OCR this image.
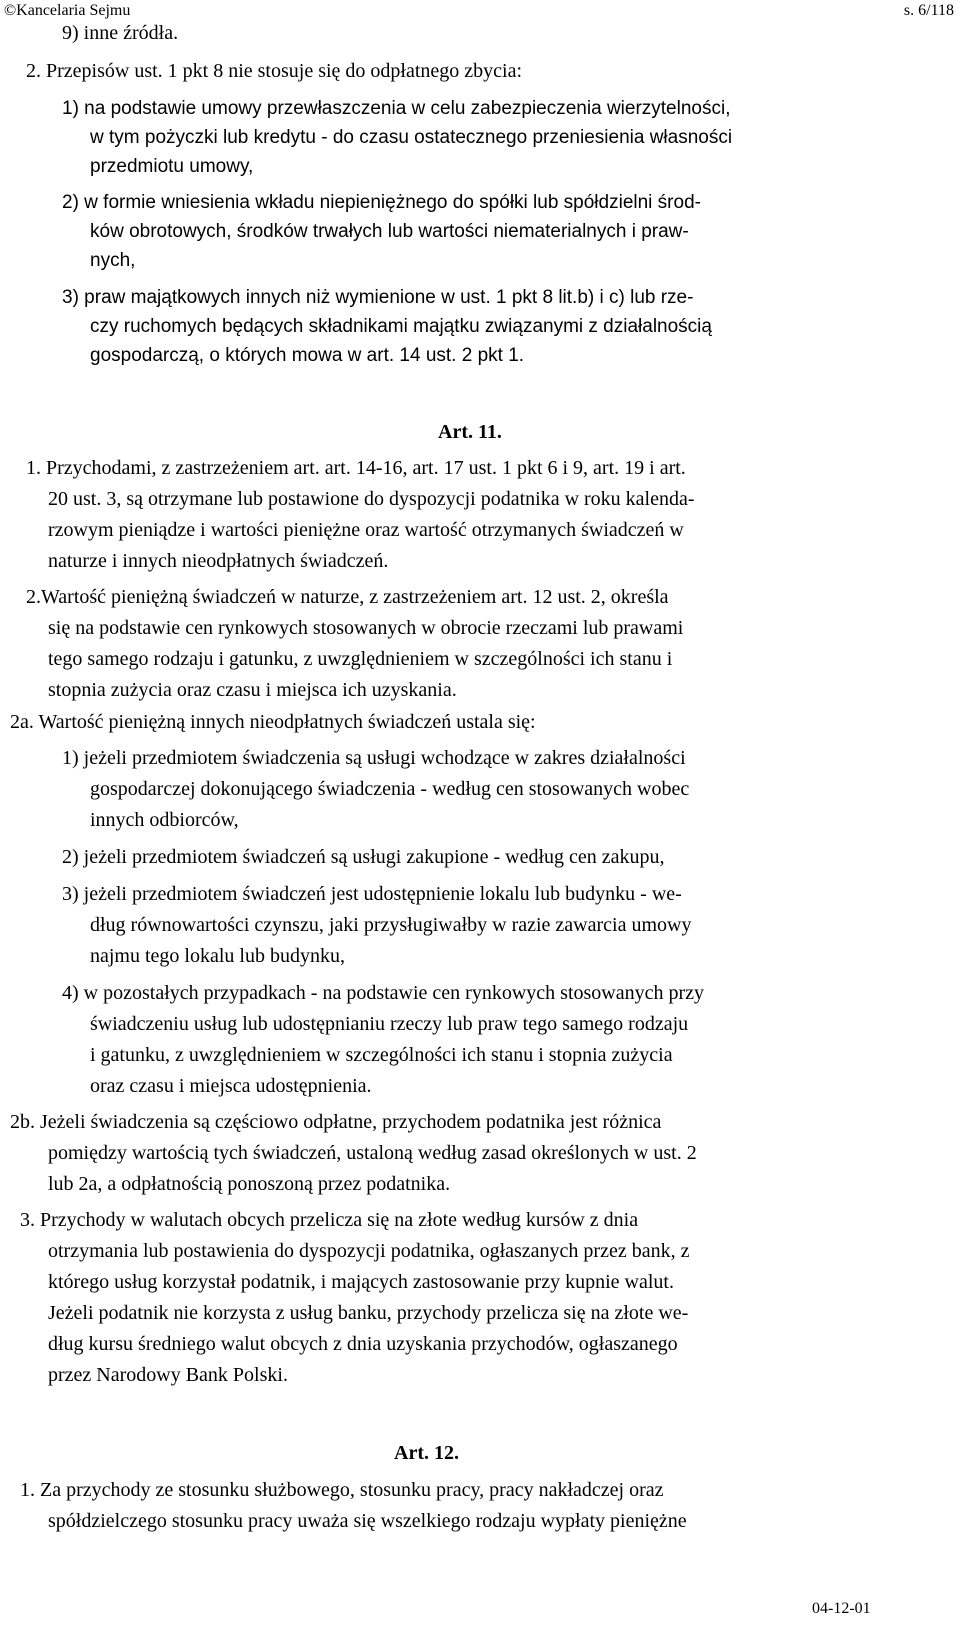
©Kancelaria Sejmu	s. 6/118
9) inne źródła.
2. Przepisów ust. 1 pkt 8 nie stosuje się do odpłatnego zbycia:
1) na podstawie umowy przewłaszczenia w celu zabezpieczenia wierzytelności,
w tym pożyczki lub kredytu - do czasu ostatecznego przeniesienia własności
przedmiotu umowy,
2) w formie wniesienia wkładu niepieniężnego do spółki lub spółdzielni środ-
ków obrotowych, środków trwałych lub wartości niematerialnych i praw-
nych,
3) praw majątkowych innych niż wymienione w ust. 1 pkt 8 lit.b) i c) lub rze-
czy ruchomych będących składnikami majątku związanymi z działalnością
gospodarczą, o których mowa w art. 14 ust. 2 pkt 1.
Art. 11.
1. Przychodami, z zastrzeżeniem art. art. 14-16, art. 17 ust. 1 pkt 6 i 9, art. 19 i art.
20 ust. 3, są otrzymane lub postawione do dyspozycji podatnika w roku kalenda-
rzowym pieniądze i wartości pieniężne oraz wartość otrzymanych świadczeń w
naturze i innych nieodpłatnych świadczeń.
2.Wartość pieniężną świadczeń w naturze, z zastrzeżeniem art. 12 ust. 2, określa
się na podstawie cen rynkowych stosowanych w obrocie rzeczami lub prawami
tego samego rodzaju i gatunku, z uwzględnieniem w szczególności ich stanu i
stopnia zużycia oraz czasu i miejsca ich uzyskania.
2a. Wartość pieniężną innych nieodpłatnych świadczeń ustala się:
1) jeżeli przedmiotem świadczenia są usługi wchodzące w zakres działalności
gospodarczej dokonującego świadczenia - według cen stosowanych wobec
innych odbiorców,
2) jeżeli przedmiotem świadczeń są usługi zakupione - według cen zakupu,
3) jeżeli przedmiotem świadczeń jest udostępnienie lokalu lub budynku - we-
dług równowartości czynszu, jaki przysługiwałby w razie zawarcia umowy
najmu tego lokalu lub budynku,
4) w pozostałych przypadkach - na podstawie cen rynkowych stosowanych przy
świadczeniu usług lub udostępnianiu rzeczy lub praw tego samego rodzaju
i gatunku, z uwzględnieniem w szczególności ich stanu i stopnia zużycia
oraz czasu i miejsca udostępnienia.
2b. Jeżeli świadczenia są częściowo odpłatne, przychodem podatnika jest różnica
pomiędzy wartością tych świadczeń, ustaloną według zasad określonych w ust. 2
lub 2a, a odpłatnością ponoszoną przez podatnika.
3. Przychody w walutach obcych przelicza się na złote według kursów z dnia
otrzymania lub postawienia do dyspozycji podatnika, ogłaszanych przez bank, z
którego usług korzystał podatnik, i mających zastosowanie przy kupnie walut.
Jeżeli podatnik nie korzysta z usług banku, przychody przelicza się na złote we-
dług kursu średniego walut obcych z dnia uzyskania przychodów, ogłaszanego
przez Narodowy Bank Polski.
Art. 12.
1. Za przychody ze stosunku służbowego, stosunku pracy, pracy nakładczej oraz
spółdzielczego stosunku pracy uważa się wszelkiego rodzaju wypłaty pieniężne
04-12-01
